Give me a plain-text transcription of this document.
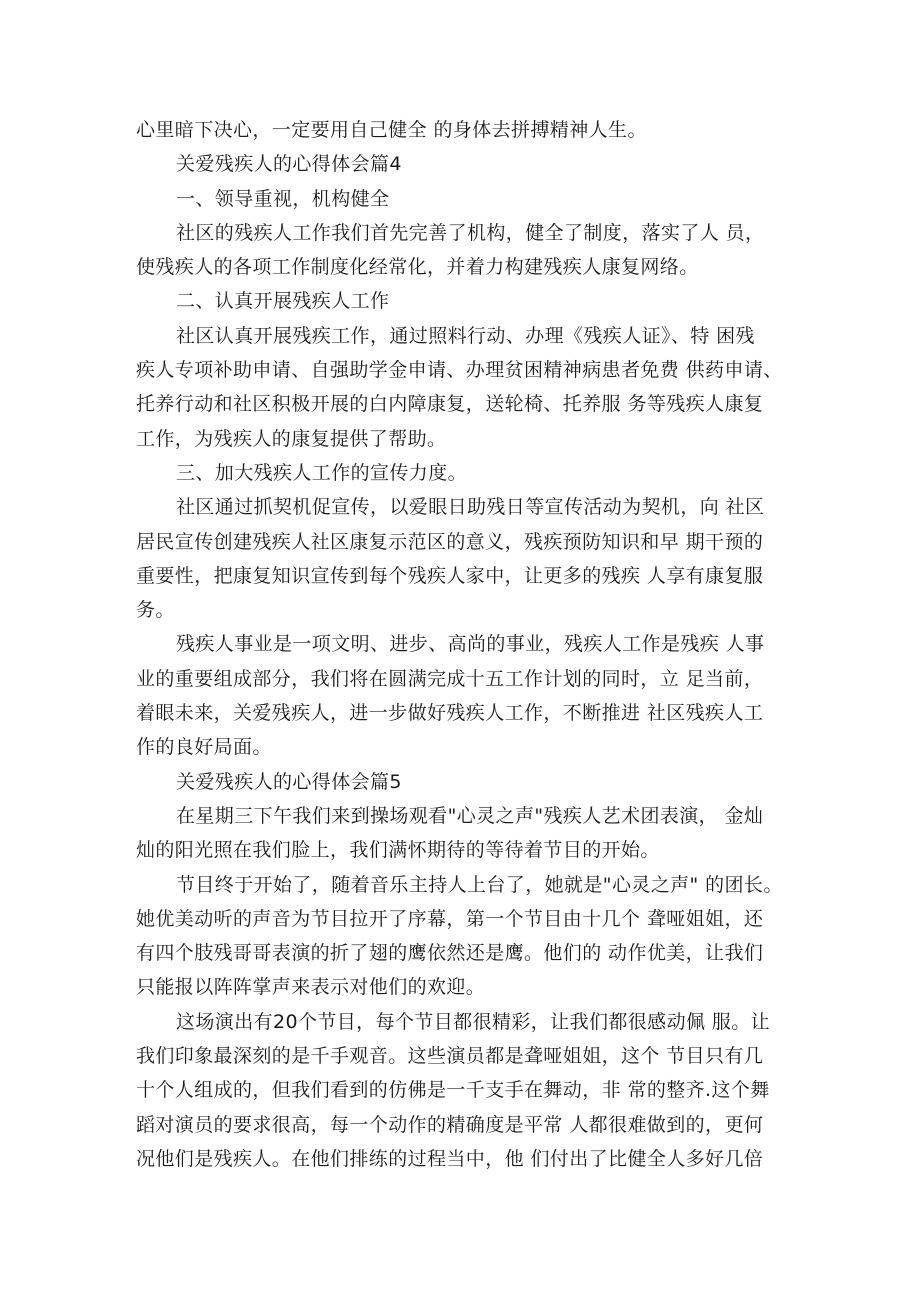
心里暗下决心，一定要用自己健全 的身体去拼搏精神人生。
关爱残疾人的心得体会篇4
一、领导重视，机构健全
社区的残疾人工作我们首先完善了机构，健全了制度，落实了人 员，
使残疾人的各项工作制度化经常化，并着力构建残疾人康复网络。
二、认真开展残疾人工作
社区认真开展残疾工作，通过照料行动、办理《残疾人证》、特 困残
疾人专项补助申请、自强助学金申请、办理贫困精神病患者免费 供药申请、
托养行动和社区积极开展的白内障康复，送轮椅、托养服 务等残疾人康复
工作，为残疾人的康复提供了帮助。
三、加大残疾人工作的宣传力度。
社区通过抓契机促宣传，以爱眼日助残日等宣传活动为契机，向 社区
居民宣传创建残疾人社区康复示范区的意义，残疾预防知识和早 期干预的
重要性，把康复知识宣传到每个残疾人家中，让更多的残疾 人享有康复服
务。
残疾人事业是一项文明、进步、高尚的事业，残疾人工作是残疾 人事
业的重要组成部分，我们将在圆满完成十五工作计划的同时，立 足当前，
着眼未来，关爱残疾人，进一步做好残疾人工作，不断推进 社区残疾人工
作的良好局面。
关爱残疾人的心得体会篇5
在星期三下午我们来到操场观看"心灵之声"残疾人艺术团表演， 金灿
灿的阳光照在我们脸上，我们满怀期待的等待着节目的开始。
节目终于开始了，随着音乐主持人上台了，她就是"心灵之声" 的团长。
她优美动听的声音为节目拉开了序幕，第一个节目由十几个 聋哑姐姐，还
有四个肢残哥哥表演的折了翅的鹰依然还是鹰。他们的 动作优美，让我们
只能报以阵阵掌声来表示对他们的欢迎。
这场演出有20个节目，每个节目都很精彩，让我们都很感动佩 服。让
我们印象最深刻的是千手观音。这些演员都是聋哑姐姐，这个 节目只有几
十个人组成的，但我们看到的仿佛是一千支手在舞动，非 常的整齐.这个舞
蹈对演员的要求很高，每一个动作的精确度是平常 人都很难做到的，更何
况他们是残疾人。在他们排练的过程当中，他 们付出了比健全人多好几倍
